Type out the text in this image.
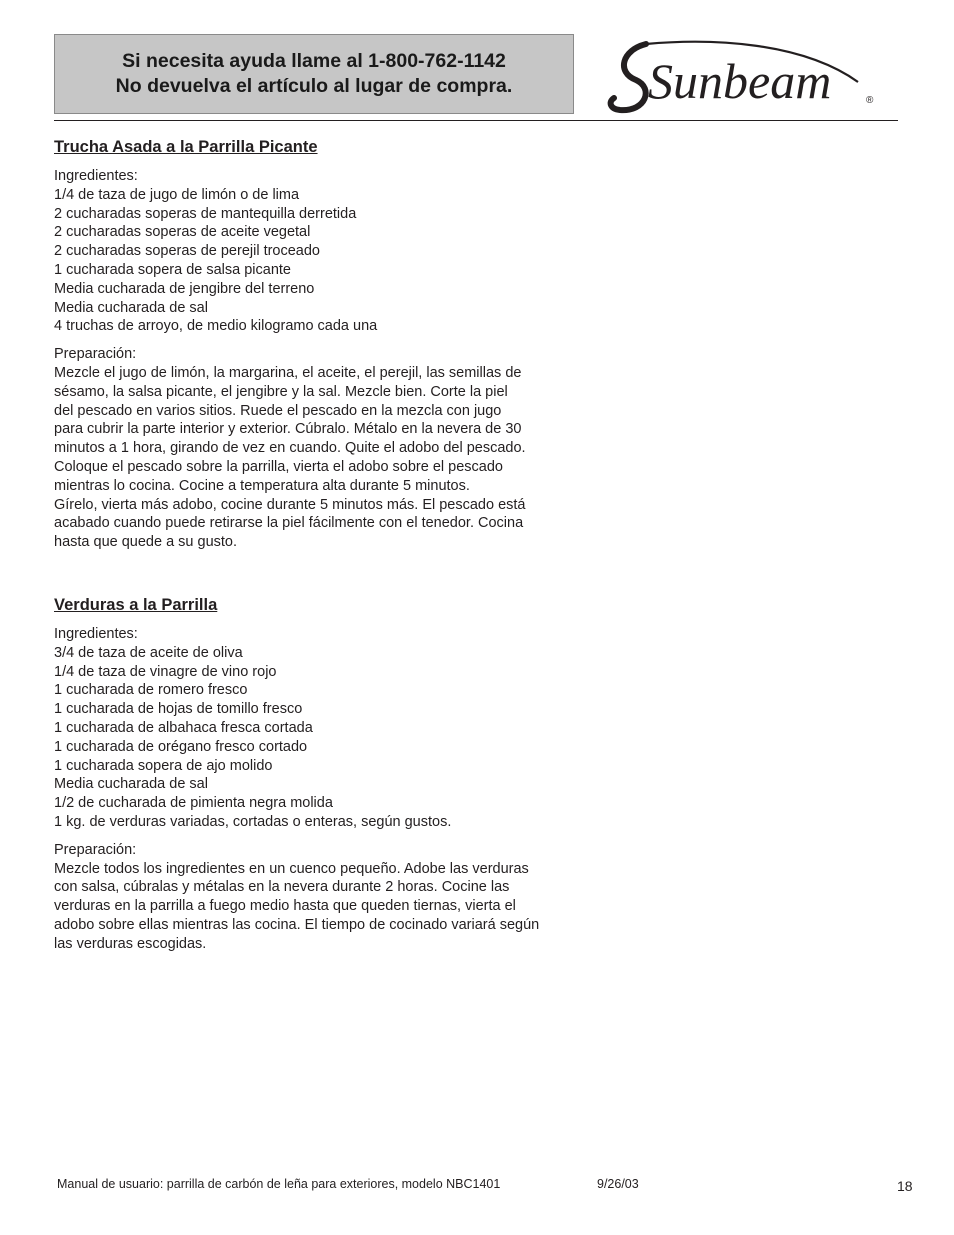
Si necesita ayuda llame al 1-800-762-1142
No devuelva el artículo al lugar de compra.	Sunbeam	®
Trucha Asada a la Parrilla Picante
Ingredientes:
1/4 de taza de jugo de limón o de lima
2 cucharadas soperas de mantequilla derretida
2 cucharadas soperas de aceite vegetal
2 cucharadas soperas de perejil troceado
1 cucharada sopera de salsa picante
Media cucharada de jengibre del terreno
Media cucharada de sal
4 truchas de arroyo, de medio kilogramo cada una
Preparación:
Mezcle el jugo de limón, la margarina, el aceite, el perejil, las semillas de
sésamo, la salsa picante, el jengibre y la sal. Mezcle bien. Corte la piel
del pescado en varios sitios. Ruede el pescado en la mezcla con jugo
para cubrir la parte interior y exterior. Cúbralo. Métalo en la nevera de 30
minutos a 1 hora, girando de vez en cuando. Quite el adobo del pescado.
Coloque el pescado sobre la parrilla, vierta el adobo sobre el pescado
mientras lo cocina. Cocine a temperatura alta durante 5 minutos.
Gírelo, vierta más adobo, cocine durante 5 minutos más. El pescado está
acabado cuando puede retirarse la piel fácilmente con el tenedor. Cocina
hasta que quede a su gusto.
Verduras a la Parrilla
Ingredientes:
3/4 de taza de aceite de oliva
1/4 de taza de vinagre de vino rojo
1 cucharada de romero fresco
1 cucharada de hojas de tomillo fresco
1 cucharada de albahaca fresca cortada
1 cucharada de orégano fresco cortado
1 cucharada sopera de ajo molido
Media cucharada de sal
1/2 de cucharada de pimienta negra molida
1 kg. de verduras variadas, cortadas o enteras, según gustos.
Preparación:
Mezcle todos los ingredientes en un cuenco pequeño. Adobe las verduras
con salsa, cúbralas y métalas en la nevera durante 2 horas. Cocine las
verduras en la parrilla a fuego medio hasta que queden tiernas, vierta el
adobo sobre ellas mientras las cocina. El tiempo de cocinado variará según
las verduras escogidas.
Manual de usuario: parrilla de carbón de leña para exteriores, modelo NBC1401	9/26/03	18
